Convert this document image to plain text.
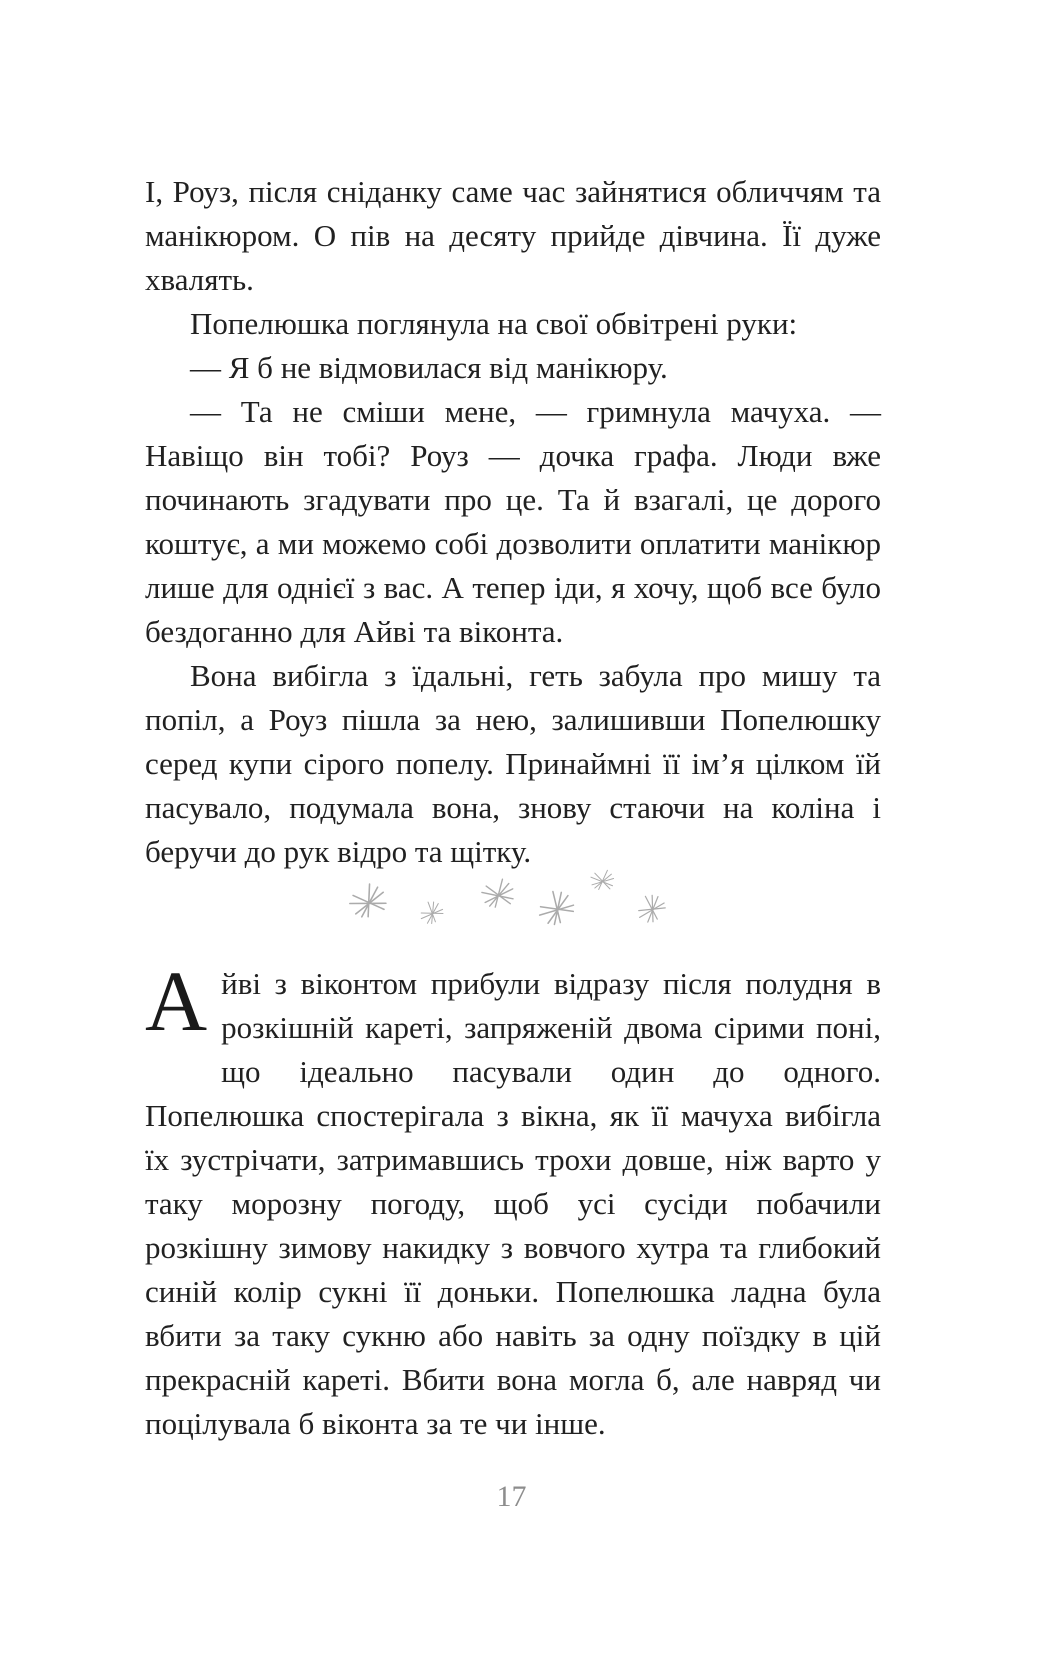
І, Роуз, після сніданку саме час зайнятися обличчям та манікюром. О пів на десяту прийде дівчина. Її дуже хвалять.

Попелюшка поглянула на свої обвітрені руки:

— Я б не відмовилася від манікюру.

— Та не сміши мене, — гримнула мачуха. — Навіщо він тобі? Роуз — дочка графа. Люди вже починають згадувати про це. Та й взагалі, це дорого коштує, а ми можемо собі дозволити оплатити манікюр лише для однієї з вас. А тепер іди, я хочу, щоб все було бездоганно для Айві та віконта.

Вона вибігла з їдальні, геть забула про мишу та попіл, а Роуз пішла за нею, залишивши Попелюшку серед купи сірого попелу. Принаймні її ім’я цілком їй пасувало, подумала вона, знову стаючи на коліна і беручи до рук відро та щітку.

Айві з віконтом прибули відразу після полудня в розкішній кареті, запряженій двома сірими поні, що ідеально пасували один до одного. Попелюшка спостерігала з вікна, як її мачуха вибігла їх зустрічати, затримавшись трохи довше, ніж варто у таку морозну погоду, щоб усі сусіди побачили розкішну зимову накидку з вовчого хутра та глибокий синій колір сукні її доньки. Попелюшка ладна була вбити за таку сукню або навіть за одну поїздку в цій прекрасній кареті. Вбити вона могла б, але навряд чи поцілувала б віконта за те чи інше.

17
